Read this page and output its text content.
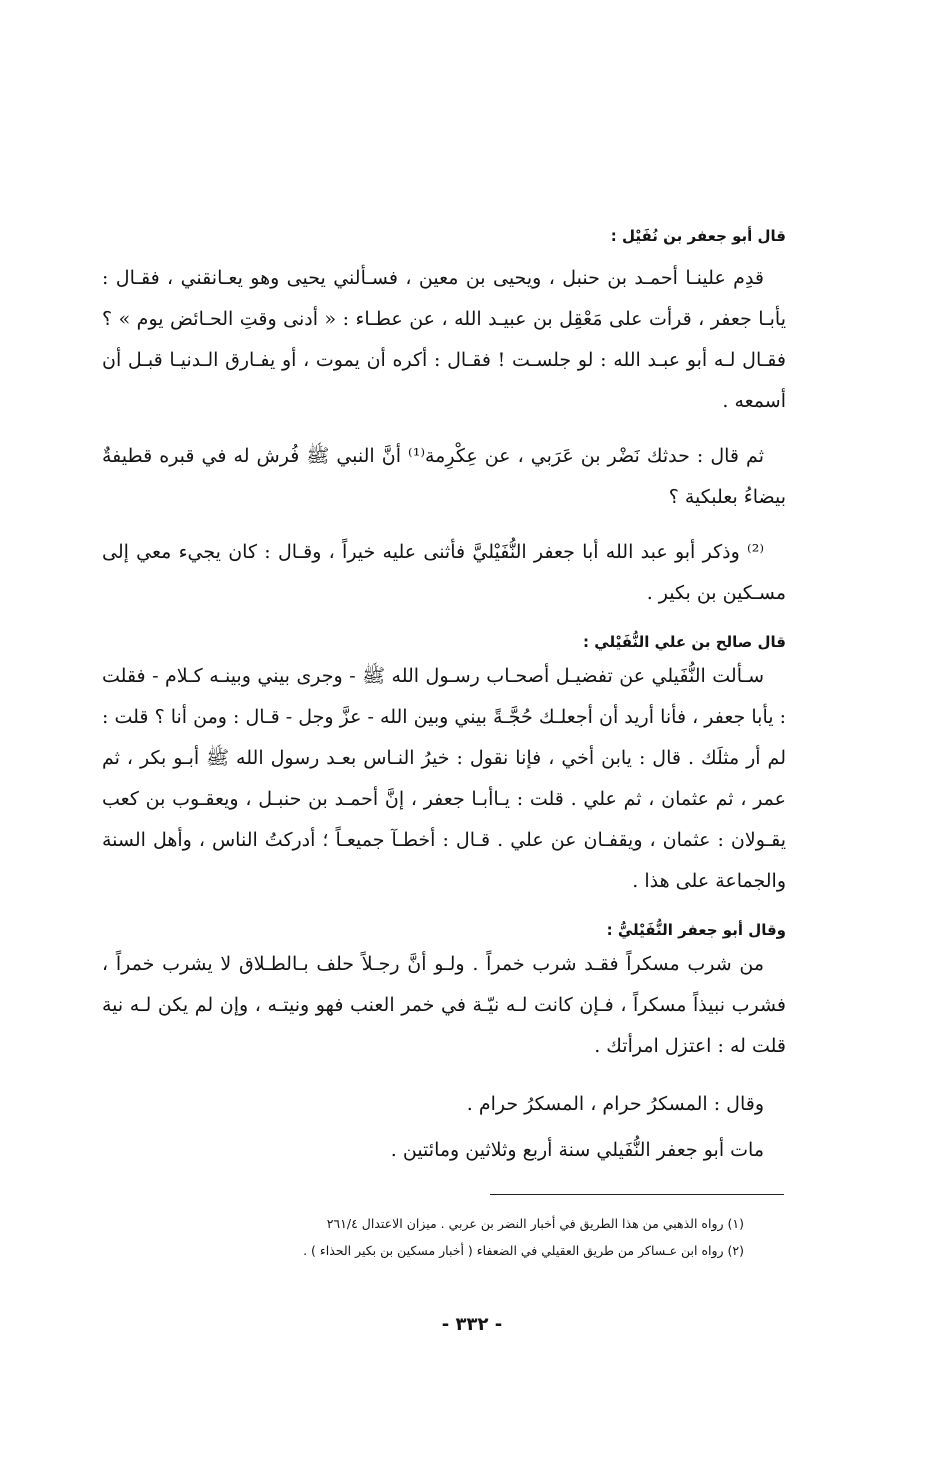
قال أبو جعفر بن نُفَيْل :

قدِم علينـا أحمـد بن حنبل ، ويحيى بن معين ، فسـألني يحيى وهو يعـانقني ، فقـال : يأبـا جعفر ، قرأت على مَعْقِل بن عبيـد الله ، عن عطـاء : « أدنى وقتِ الحـائض يوم » ؟ فقـال لـه أبو عبـد الله : لو جلسـت ! فقـال : أكره أن يموت ، أو يفـارق الـدنيـا قبـل أن أسمعه .

ثم قال : حدثك نَضْر بن عَرَبي ، عن عِكْرِمة⁽¹⁾ أنَّ النبي ﷺ فُرش له في قبره قطيفةٌ بيضاءُ بعلبكية ؟

⁽²⁾ وذكر أبو عبد الله أبا جعفر النُّفَيْليَّ فأثنى عليه خيراً ، وقـال : كان يجيء معي إلى مسـكين بن بكير .

قال صالح بن علي النُّفَيْلي :

سـألت النُّفَيلي عن تفضيـل أصحـاب رسـول الله ﷺ - وجرى بيني وبينـه كـلام - فقلت : يأبا جعفر ، فأنا أريد أن أجعلـك حُجَّـةً بيني وبين الله - عزَّ وجل - قـال : ومن أنا ؟ قلت : لم أر مثلَك . قال : يابن أخي ، فإنا نقول : خيرُ النـاس بعـد رسول الله ﷺ أبـو بكر ، ثم عمر ، ثم عثمان ، ثم علي . قلت : يـاأبـا جعفر ، إنَّ أحمـد بن حنبـل ، ويعقـوب بن كعب يقـولان : عثمان ، ويقفـان عن علي . قـال : أخطـآ جميعـاً ؛ أدركتُ الناس ، وأهل السنة والجماعة على هذا .

وقال أبو جعفر النُّفَيْليُّ :

من شرب مسكراً فقـد شرب خمراً . ولـو أنَّ رجـلاً حلف بـالطـلاق لا يشرب خمراً ، فشرب نبيذاً مسكراً ، فـإن كانت لـه نيّـة في خمر العنب فهو ونيتـه ، وإن لم يكن لـه نية قلت له : اعتزل امرأتك .

وقال : المسكرُ حرام ، المسكرُ حرام .

مات أبو جعفر النُّفَيلي سنة أربع وثلاثين ومائتين .

(١) رواه الذهبي من هذا الطريق في أخبار النضر بن عربي . ميزان الاعتدال ٢٦١/٤

(٢) رواه ابن عـساكر من طريق العقيلي في الضعفاء ( أخبار مسكين بن بكير الحذاء ) .

- ٣٣٢ -
